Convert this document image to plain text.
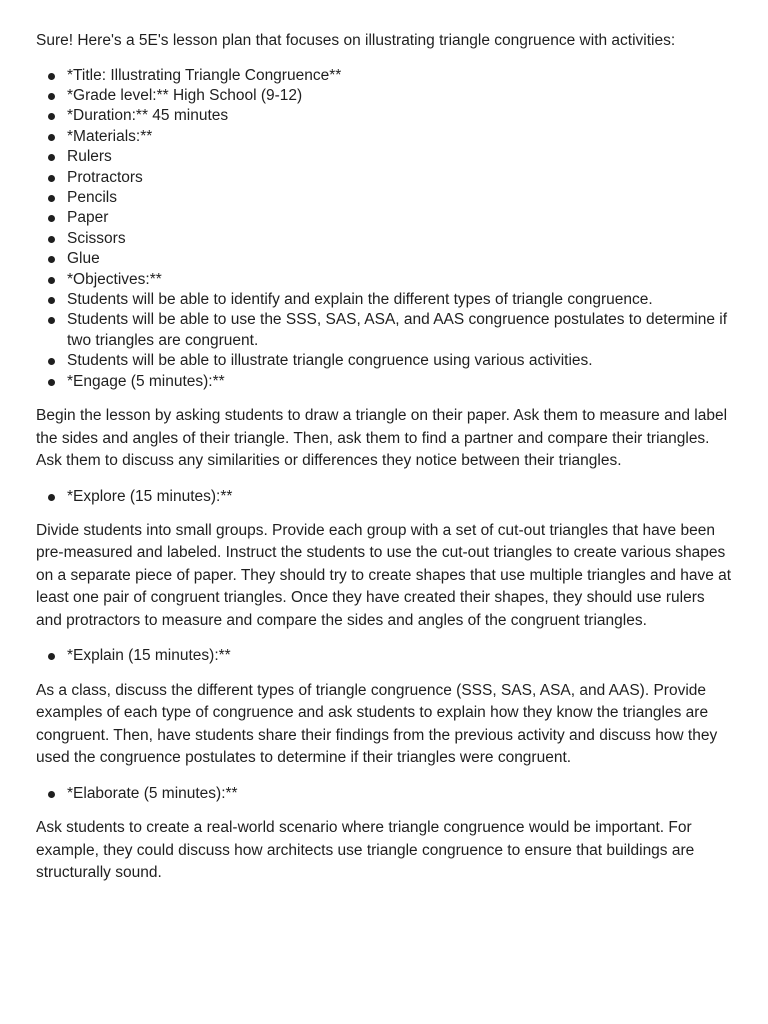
Sure! Here's a 5E's lesson plan that focuses on illustrating triangle congruence with activities:

*Title: Illustrating Triangle Congruence**
*Grade level:** High School (9-12)
*Duration:** 45 minutes
*Materials:**
Rulers
Protractors
Pencils
Paper
Scissors
Glue
*Objectives:**
Students will be able to identify and explain the different types of triangle congruence.
Students will be able to use the SSS, SAS, ASA, and AAS congruence postulates to determine if two triangles are congruent.
Students will be able to illustrate triangle congruence using various activities.
*Engage (5 minutes):**

Begin the lesson by asking students to draw a triangle on their paper. Ask them to measure and label the sides and angles of their triangle. Then, ask them to find a partner and compare their triangles. Ask them to discuss any similarities or differences they notice between their triangles.

*Explore (15 minutes):**

Divide students into small groups. Provide each group with a set of cut-out triangles that have been pre-measured and labeled. Instruct the students to use the cut-out triangles to create various shapes on a separate piece of paper. They should try to create shapes that use multiple triangles and have at least one pair of congruent triangles. Once they have created their shapes, they should use rulers and protractors to measure and compare the sides and angles of the congruent triangles.

*Explain (15 minutes):**

As a class, discuss the different types of triangle congruence (SSS, SAS, ASA, and AAS). Provide examples of each type of congruence and ask students to explain how they know the triangles are congruent. Then, have students share their findings from the previous activity and discuss how they used the congruence postulates to determine if their triangles were congruent.

*Elaborate (5 minutes):**

Ask students to create a real-world scenario where triangle congruence would be important. For example, they could discuss how architects use triangle congruence to ensure that buildings are structurally sound.
